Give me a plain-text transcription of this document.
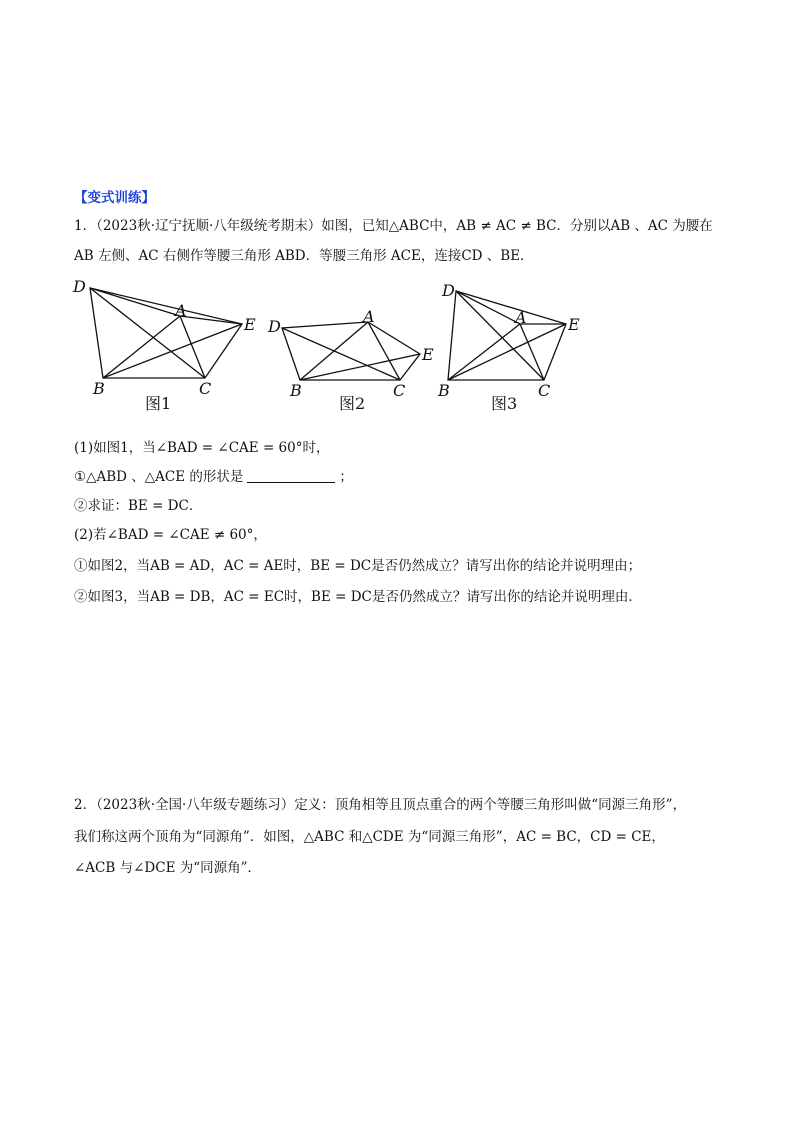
【变式训练】
1．（2023秋·辽宁抚顺·八年级统考期末）如图，已知△ABC中，AB ≠ AC ≠ BC．分别以AB 、AC 为腰在
AB 左侧、AC 右侧作等腰三角形 ABD．等腰三角形 ACE，连接CD 、BE．
D
A
E
B	C
D
A
E
B	C
D
A	E
B	C
图1	图2	图3
(1)如图1，当∠BAD = ∠CAE = 60°时，
①△ABD 、△ACE 的形状是	；
②求证：BE = DC．
(2)若∠BAD = ∠CAE ≠ 60°，
①如图2，当AB = AD，AC = AE时，BE = DC是否仍然成立？请写出你的结论并说明理由；
②如图3，当AB = DB，AC = EC时，BE = DC是否仍然成立？请写出你的结论并说明理由．
2．（2023秋·全国·八年级专题练习）定义：顶角相等且顶点重合的两个等腰三角形叫做“同源三角形”，
我们称这两个顶角为“同源角”．如图，△ABC 和△CDE 为“同源三角形”，AC = BC，CD = CE，
∠ACB 与∠DCE 为“同源角”．
